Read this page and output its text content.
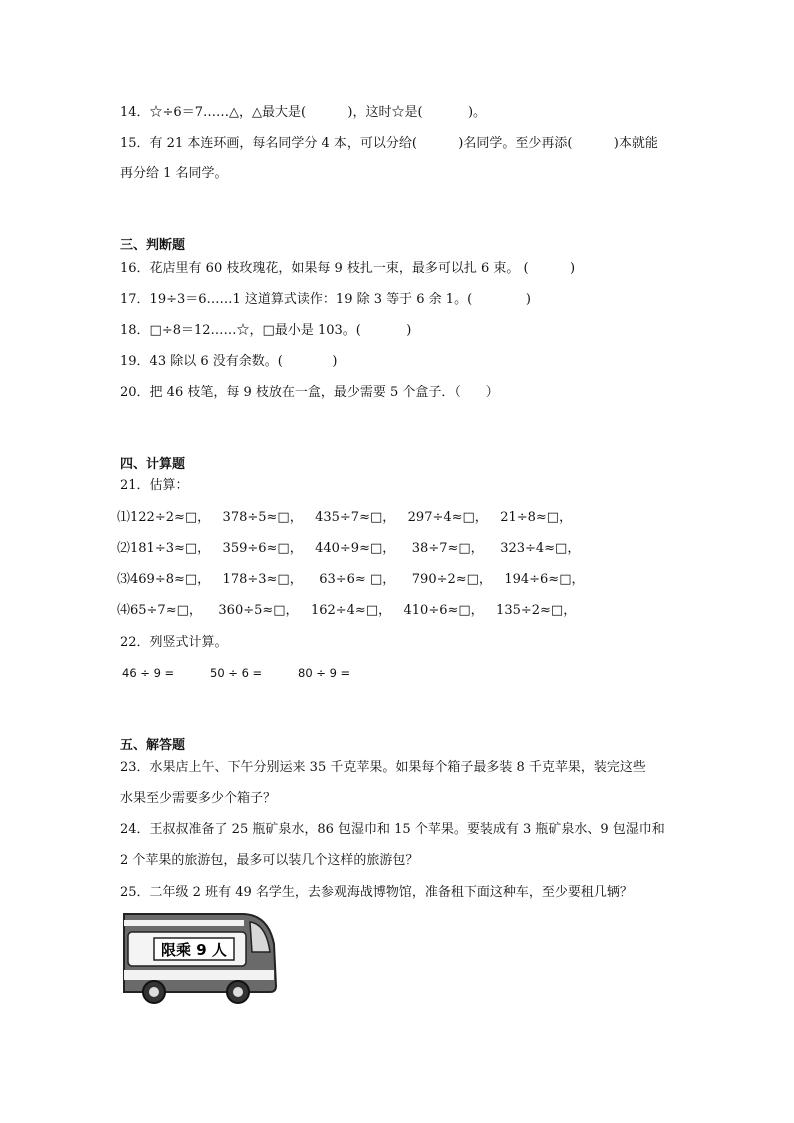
14．☆÷6＝7……△，△最大是(          )，这时☆是(           )。
15．有 21 本连环画，每名同学分 4 本，可以分给(          )名同学。至少再添(          )本就能
再分给 1 名同学。
三、判断题
16．花店里有 60 枝玫瑰花，如果每 9 枝扎一束，最多可以扎 6 束。 (          )
17．19÷3＝6……1 这道算式读作：19 除 3 等于 6 余 1。(             )
18．□÷8＝12……☆，□最小是 103。(           )
19．43 除以 6 没有余数。(            )
20．把 46 枝笔，每 9 枝放在一盒，最少需要 5 个盒子．（      ）
四、计算题
21．估算：
⑴122÷2≈□，   378÷5≈□，   435÷7≈□，   297÷4≈□，   21÷8≈□，
⑵181÷3≈□，   359÷6≈□，   440÷9≈□，    38÷7≈□，    323÷4≈□，
⑶469÷8≈□，   178÷3≈□，    63÷6≈ □，    790÷2≈□，   194÷6≈□，
⑷65÷7≈□，    360÷5≈□，   162÷4≈□，   410÷6≈□，   135÷2≈□，
22．列竖式计算。
46 ÷ 9 =	50 ÷ 6 =	80 ÷ 9 =
五、解答题
23．水果店上午、下午分别运来 35 千克苹果。如果每个箱子最多装 8 千克苹果，装完这些
水果至少需要多少个箱子？
24．王叔叔准备了 25 瓶矿泉水，86 包湿巾和 15 个苹果。要装成有 3 瓶矿泉水、9 包湿巾和
2 个苹果的旅游包，最多可以装几个这样的旅游包？
25．二年级 2 班有 49 名学生，去参观海战博物馆，准备租下面这种车，至少要租几辆？
限乘 9 人
